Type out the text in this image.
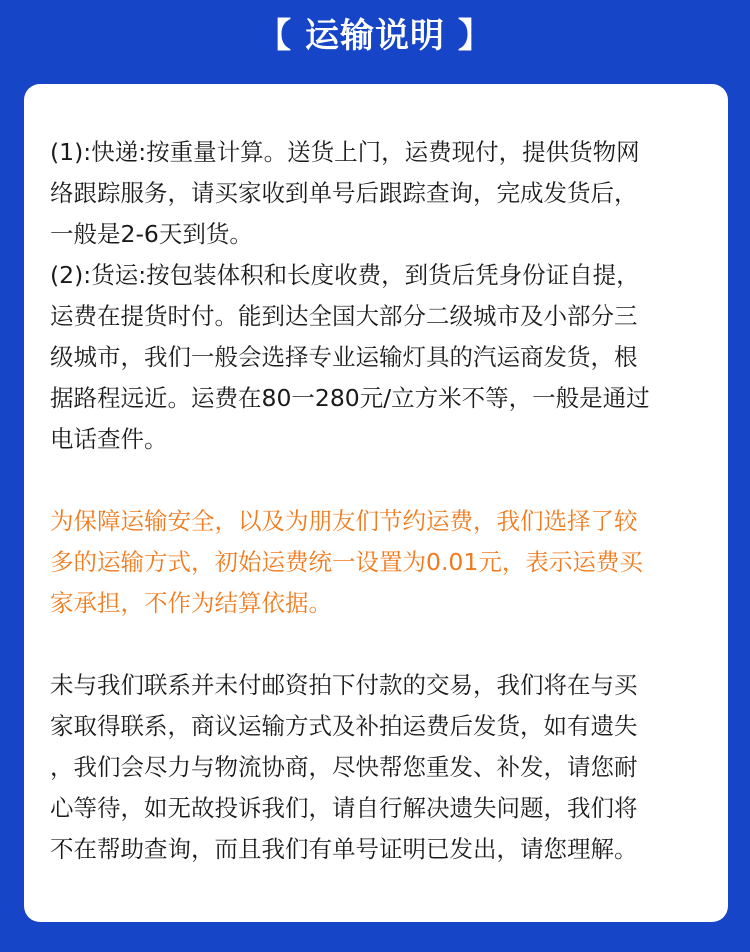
【 运输说明 】

(1):快递:按重量计算。送货上门，运费现付，提供货物网

络跟踪服务，请买家收到单号后跟踪查询，完成发货后，

一般是2-6天到货。

(2):货运:按包装体积和长度收费，到货后凭身份证自提，

运费在提货时付。能到达全国大部分二级城市及小部分三

级城市，我们一般会选择专业运输灯具的汽运商发货，根

据路程远近。运费在80一280元/立方米不等，一般是通过

电话查件。

为保障运输安全，以及为朋友们节约运费，我们选择了较

多的运输方式，初始运费统一设置为0.01元，表示运费买

家承担，不作为结算依据。

未与我们联系并未付邮资拍下付款的交易，我们将在与买

家取得联系，商议运输方式及补拍运费后发货，如有遗失

，我们会尽力与物流协商，尽快帮您重发、补发，请您耐

心等待，如无故投诉我们，请自行解决遗失问题，我们将

不在帮助查询，而且我们有单号证明已发出，请您理解。
